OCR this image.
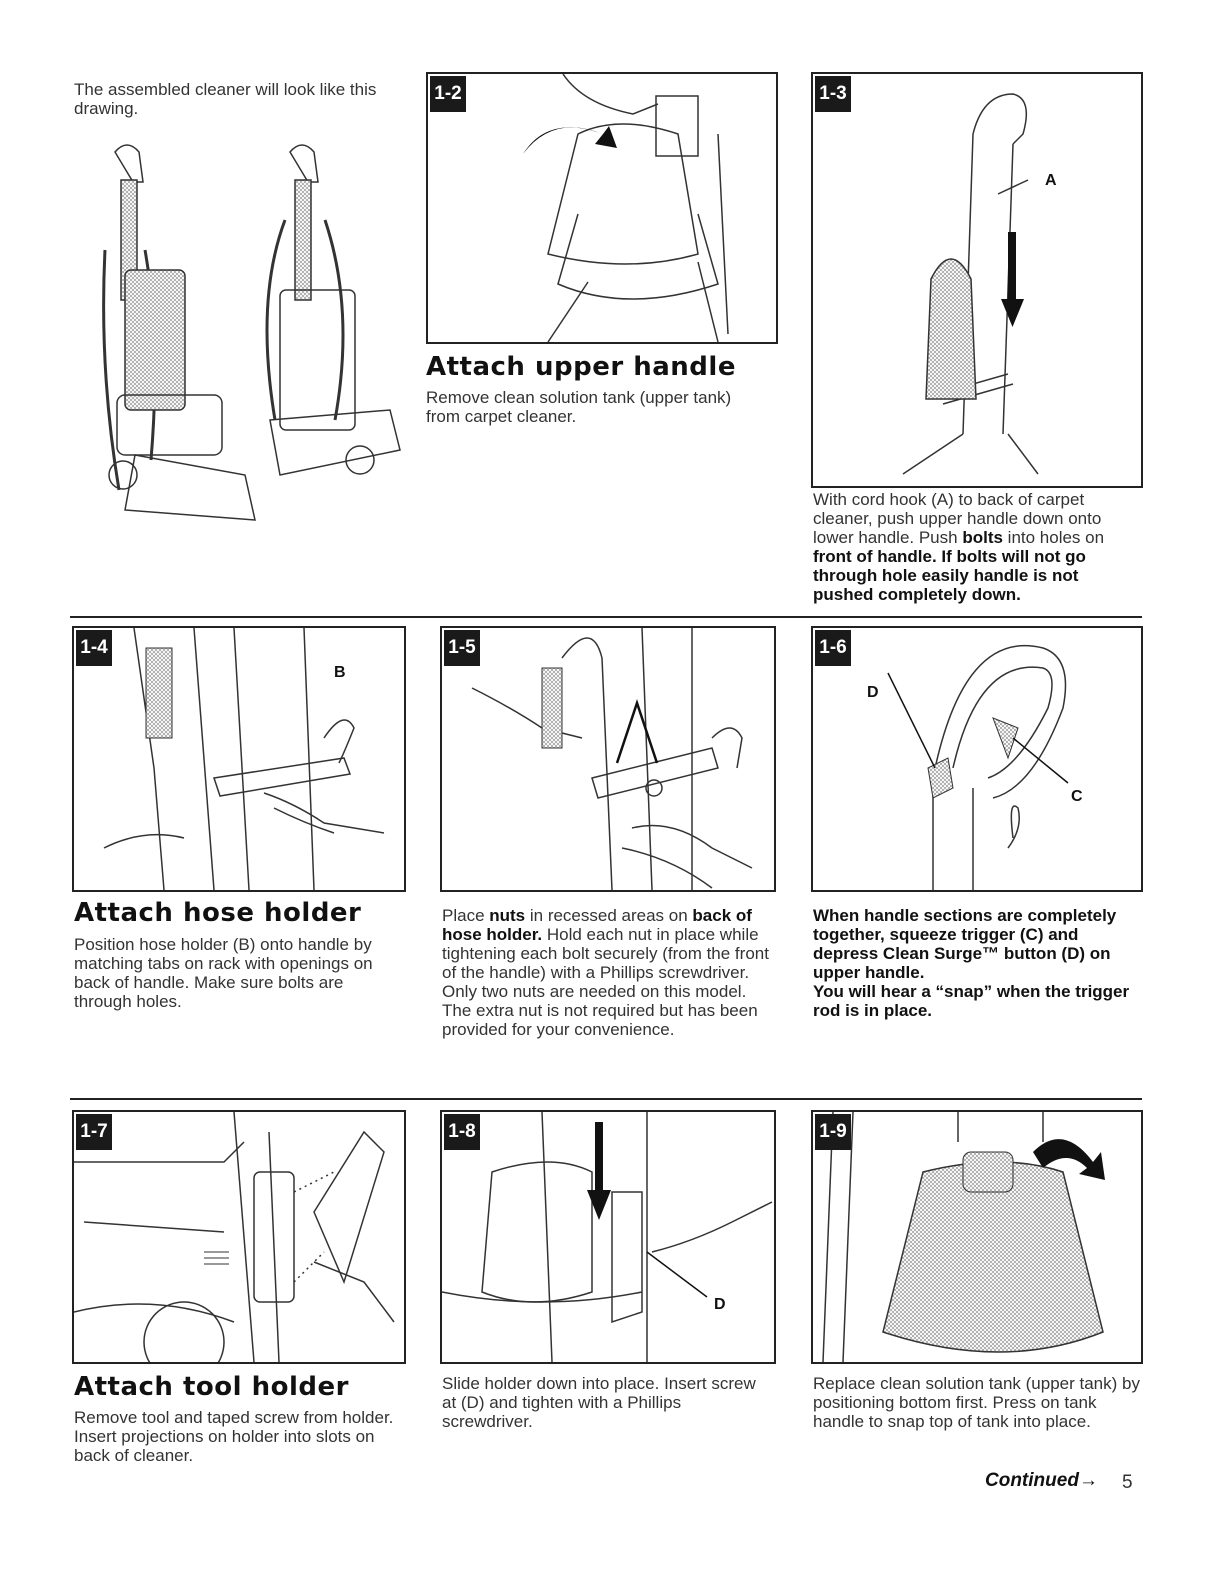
The assembled cleaner will look like this drawing.
1-2
Attach upper handle
Remove clean solution tank (upper tank) from carpet cleaner.
1-3
A
With cord hook (A) to back of carpet cleaner, push upper handle down onto lower handle. Push bolts into holes on front of handle. If bolts will not go through hole easily handle is not pushed completely down.
1-4
B
Attach hose holder
Position hose holder (B) onto handle by matching tabs on rack with openings on back of handle. Make sure bolts are through holes.
1-5
Place nuts in recessed areas on back of hose holder. Hold each nut in place while tightening each bolt securely (from the front of the handle) with a Phillips screwdriver. Only two nuts are needed on this model. The extra nut is not required but has been provided for your convenience.
1-6
D
C
When handle sections are completely together, squeeze trigger (C) and depress Clean Surge™ button (D) on upper handle.
You will hear a “snap” when the trigger rod is in place.
1-7
Attach tool holder
Remove tool and taped screw from holder. Insert projections on holder into slots on back of cleaner.
1-8
D
Slide holder down into place. Insert screw at (D) and tighten with a Phillips screwdriver.
1-9
Replace clean solution tank (upper tank) by positioning bottom first. Press on tank handle to snap top of tank into place.
Continued→ 5
